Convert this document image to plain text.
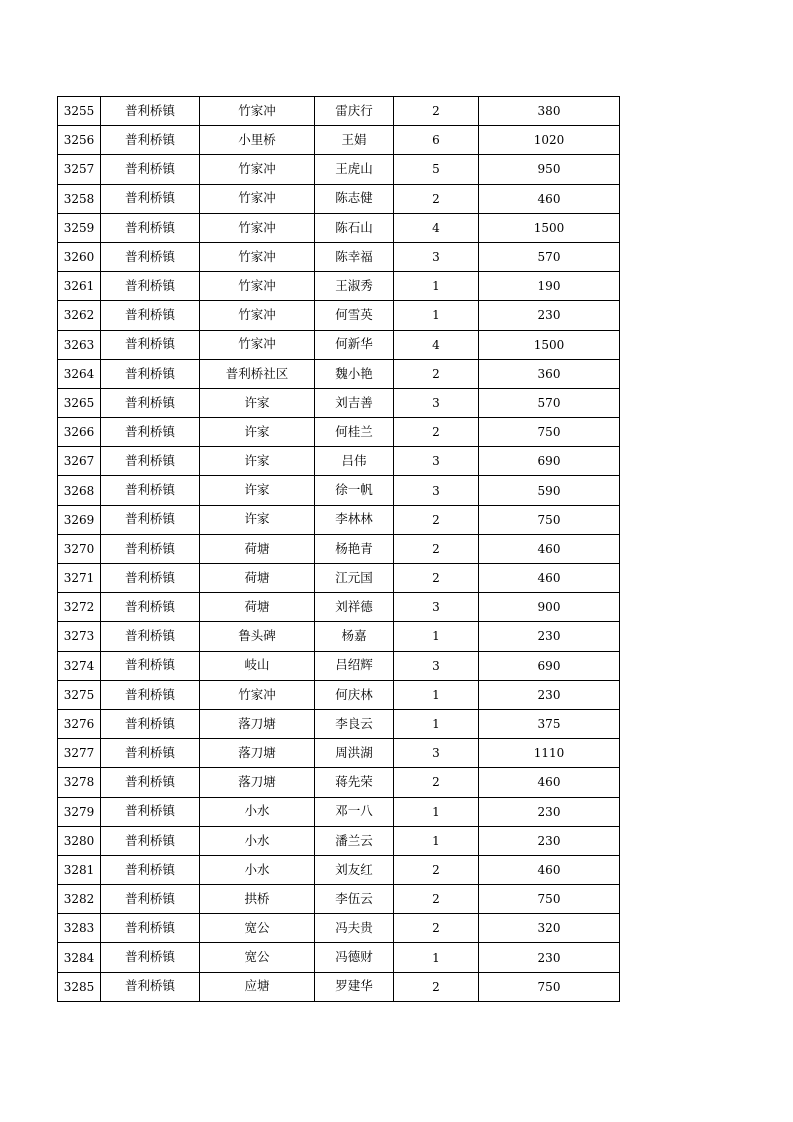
3255	普利桥镇	竹家冲	雷庆行	2	380
3256	普利桥镇	小里桥	王娟	6	1020
3257	普利桥镇	竹家冲	王虎山	5	950
3258	普利桥镇	竹家冲	陈志健	2	460
3259	普利桥镇	竹家冲	陈石山	4	1500
3260	普利桥镇	竹家冲	陈幸福	3	570
3261	普利桥镇	竹家冲	王淑秀	1	190
3262	普利桥镇	竹家冲	何雪英	1	230
3263	普利桥镇	竹家冲	何新华	4	1500
3264	普利桥镇	普利桥社区	魏小艳	2	360
3265	普利桥镇	许家	刘吉善	3	570
3266	普利桥镇	许家	何桂兰	2	750
3267	普利桥镇	许家	吕伟	3	690
3268	普利桥镇	许家	徐一帆	3	590
3269	普利桥镇	许家	李林林	2	750
3270	普利桥镇	荷塘	杨艳青	2	460
3271	普利桥镇	荷塘	江元国	2	460
3272	普利桥镇	荷塘	刘祥德	3	900
3273	普利桥镇	鲁头碑	杨嘉	1	230
3274	普利桥镇	岐山	吕绍辉	3	690
3275	普利桥镇	竹家冲	何庆林	1	230
3276	普利桥镇	落刀塘	李良云	1	375
3277	普利桥镇	落刀塘	周洪湖	3	1110
3278	普利桥镇	落刀塘	蒋先荣	2	460
3279	普利桥镇	小水	邓一八	1	230
3280	普利桥镇	小水	潘兰云	1	230
3281	普利桥镇	小水	刘友红	2	460
3282	普利桥镇	拱桥	李伍云	2	750
3283	普利桥镇	宽公	冯夫贵	2	320
3284	普利桥镇	宽公	冯德财	1	230
3285	普利桥镇	应塘	罗建华	2	750
